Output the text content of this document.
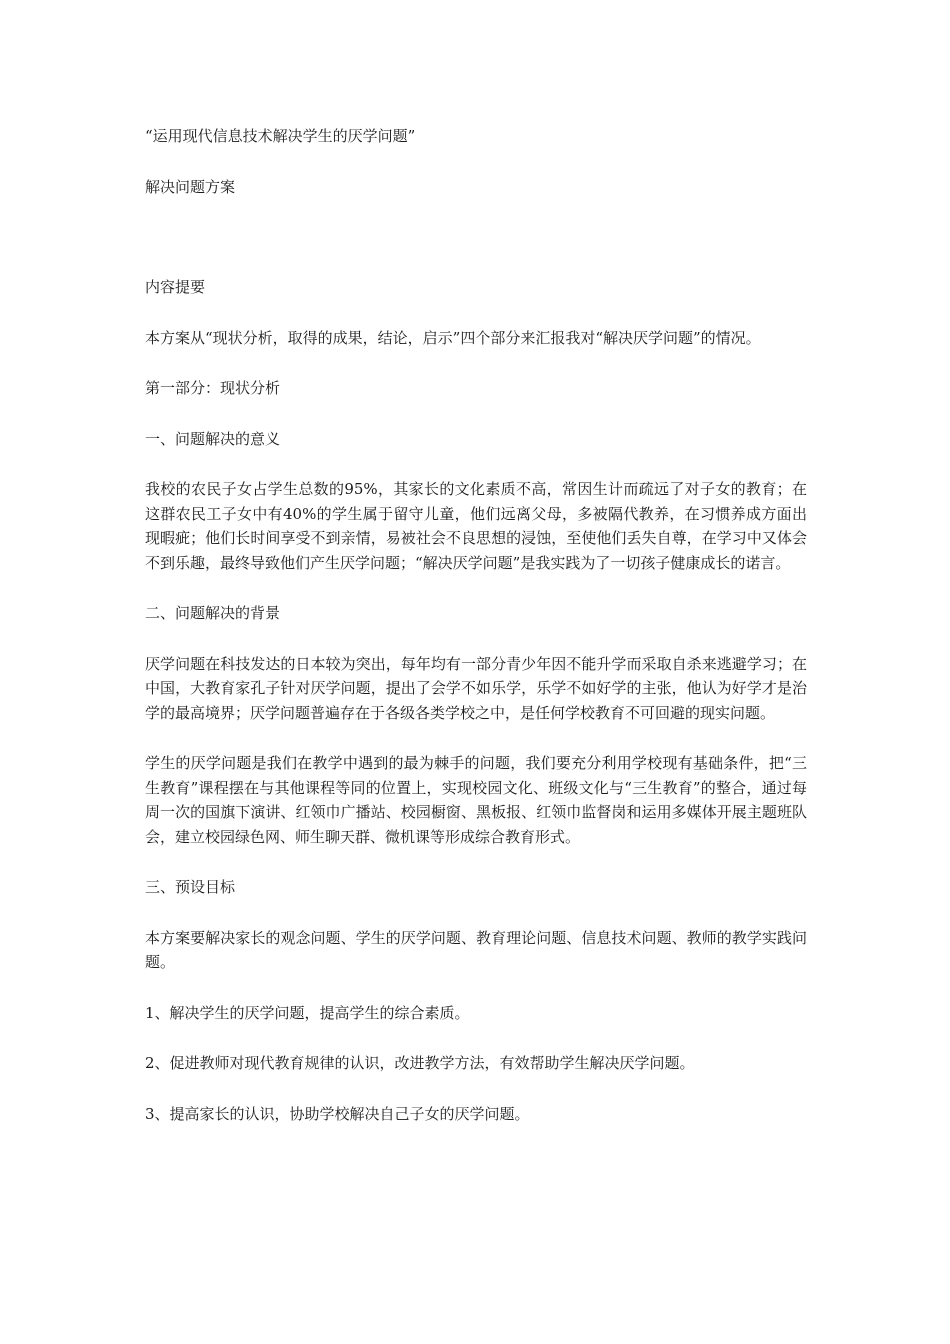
“运用现代信息技术解决学生的厌学问题”

解决问题方案

内容提要

本方案从“现状分析，取得的成果，结论，启示”四个部分来汇报我对“解决厌学问题”的情况。

第一部分：现状分析

一、问题解决的意义

我校的农民子女占学生总数的95%，其家长的文化素质不高，常因生计而疏远了对子女的教育；在这群农民工子女中有40%的学生属于留守儿童，他们远离父母，多被隔代教养，在习惯养成方面出现暇疵；他们长时间享受不到亲情，易被社会不良思想的浸蚀，至使他们丢失自尊，在学习中又体会不到乐趣，最终导致他们产生厌学问题；“解决厌学问题”是我实践为了一切孩子健康成长的诺言。

二、问题解决的背景

厌学问题在科技发达的日本较为突出，每年均有一部分青少年因不能升学而采取自杀来逃避学习；在中国，大教育家孔子针对厌学问题，提出了会学不如乐学，乐学不如好学的主张，他认为好学才是治学的最高境界；厌学问题普遍存在于各级各类学校之中，是任何学校教育不可回避的现实问题。

学生的厌学问题是我们在教学中遇到的最为棘手的问题，我们要充分利用学校现有基础条件，把“三生教育”课程摆在与其他课程等同的位置上，实现校园文化、班级文化与“三生教育”的整合，通过每周一次的国旗下演讲、红领巾广播站、校园橱窗、黑板报、红领巾监督岗和运用多媒体开展主题班队会，建立校园绿色网、师生聊天群、微机课等形成综合教育形式。

三、预设目标

本方案要解决家长的观念问题、学生的厌学问题、教育理论问题、信息技术问题、教师的教学实践问题。

1、解决学生的厌学问题，提高学生的综合素质。

2、促进教师对现代教育规律的认识，改进教学方法，有效帮助学生解决厌学问题。

3、提高家长的认识，协助学校解决自己子女的厌学问题。
